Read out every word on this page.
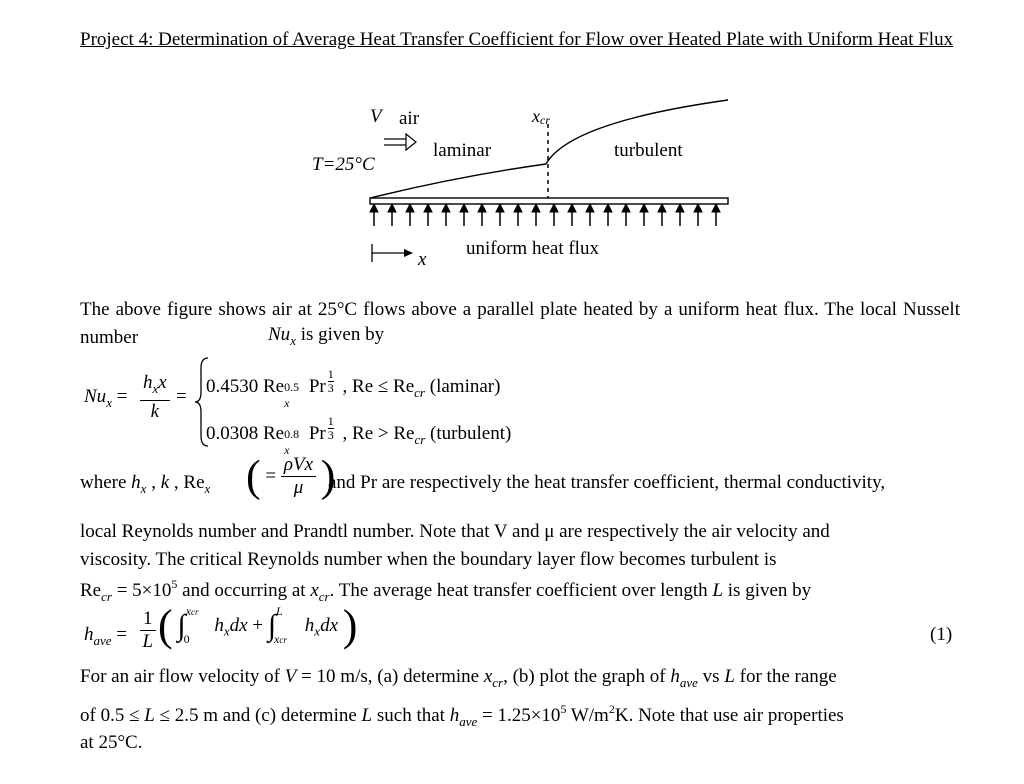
Project 4: Determination of Average Heat Transfer Coefficient for Flow over Heated Plate with Uniform Heat Flux
V air	xcr
laminar	turbulent
T=25°C
x
uniform heat flux
The above figure shows air at 25°C flows above a parallel plate heated by a uniform heat flux. The local Nusselt number	$Nu_x$ is given by
$Nu_x = \frac{h_xx}{k} = 0.4530$ Re 0.5
x
Pr $\frac{1}{3}$ , $Re \le Re_{cr}$ (laminar)
0.0308 Re 0.8
x
Pr $\frac{1}{3}$ , $Re > Re_{cr}$ (turbulent)
where $h_x$ , k , $Re_x$ ( = $\frac{\text{ρVx}}{\mu}$ )
and Pr are respectively the heat transfer coefficient, thermal conductivity,
local Reynolds number and Prandtl number. Note that V and μ are respectively the air velocity and
viscosity. The critical Reynolds number when the boundary layer flow becomes turbulent is
$Re_{cr} = 5\times 10^5$ and occurring at $x_{cr}$. The average heat transfer coefficient over length L is given by
$h_{ave} = \frac{1}{L}$ ( ∫ xcr
0
$h_xdx$ + ∫ L
xcr
$h_xdx$ )	(1)
For an air flow velocity of V = 10 m/s, (a) determine $x_{cr}$, (b) plot the graph of $h_{ave}$ vs L for the range
of 0.5 ≤ L ≤ 2.5 m and (c) determine L such that $h_{ave} = 1.25\times 10^5$ $W/m^2K$. Note that use air properties
at 25°C.
